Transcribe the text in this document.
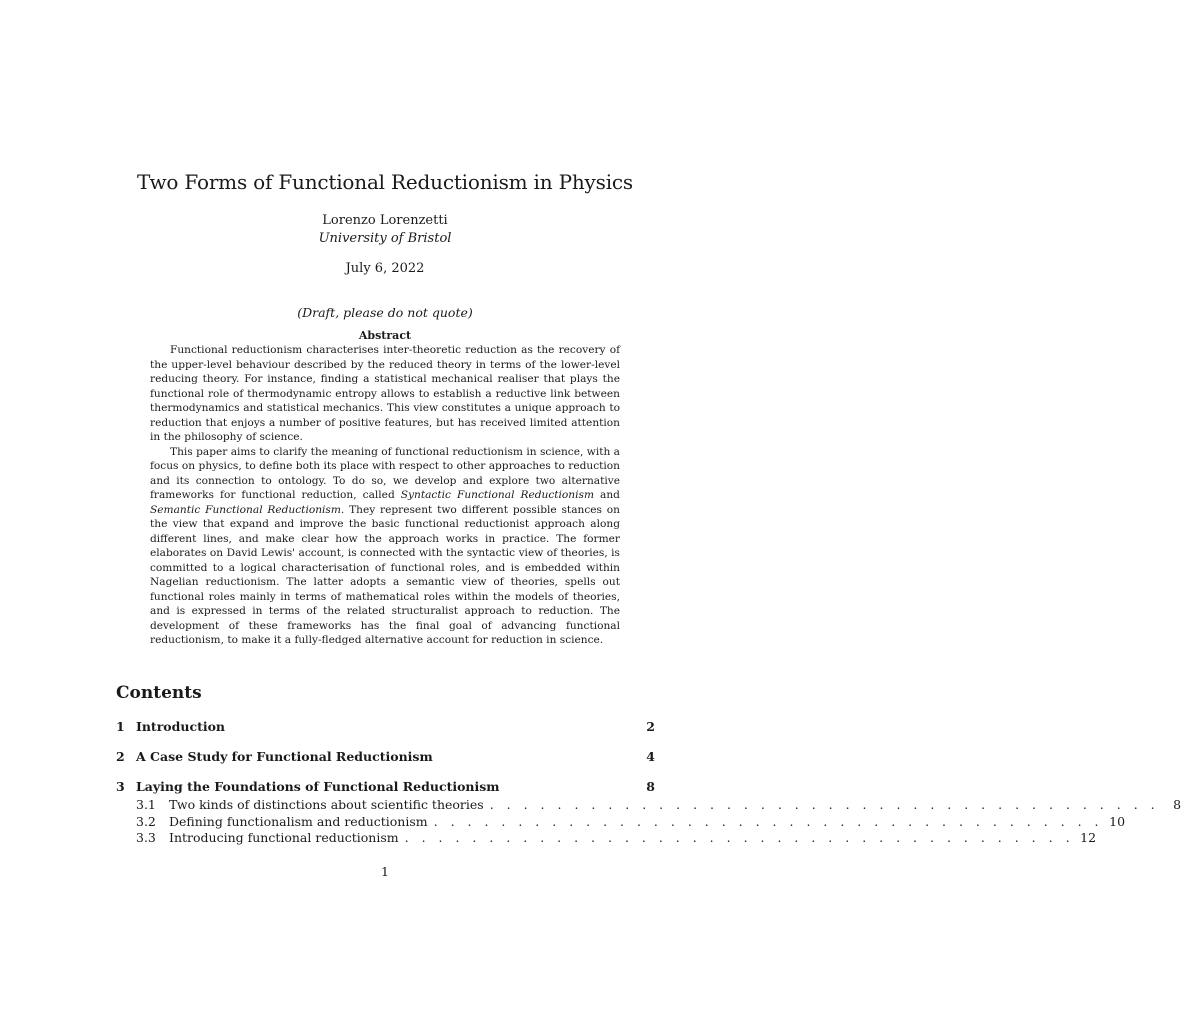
Two Forms of Functional Reductionism in Physics
Lorenzo Lorenzetti
University of Bristol
July 6, 2022
(Draft, please do not quote)
Abstract

Functional reductionism characterises inter-theoretic reduction as the recovery of the upper-level behaviour described by the reduced theory in terms of the lower-level reducing theory. For instance, finding a statistical mechanical realiser that plays the functional role of thermodynamic entropy allows to establish a reductive link between thermodynamics and statistical mechanics. This view constitutes a unique approach to reduction that enjoys a number of positive features, but has received limited attention in the philosophy of science.

This paper aims to clarify the meaning of functional reductionism in science, with a focus on physics, to define both its place with respect to other approaches to reduction and its connection to ontology. To do so, we develop and explore two alternative frameworks for functional reduction, called Syntactic Functional Reductionism and Semantic Functional Reductionism. They represent two different possible stances on the view that expand and improve the basic functional reductionist approach along different lines, and make clear how the approach works in practice. The former elaborates on David Lewis' account, is connected with the syntactic view of theories, is committed to a logical characterisation of functional roles, and is embedded within Nagelian reductionism. The latter adopts a semantic view of theories, spells out functional roles mainly in terms of mathematical roles within the models of theories, and is expressed in terms of the related structuralist approach to reduction. The development of these frameworks has the final goal of advancing functional reductionism, to make it a fully-fledged alternative account for reduction in science.

Contents
1 Introduction	2
2 A Case Study for Functional Reductionism	4
3 Laying the Foundations of Functional Reductionism	8
3.1	Two kinds of distinctions about scientific theories . . . . . . . . . . . . . . . . . . . . . . . . . . . . . . . . . . . . . . . .	8
3.2	Defining functionalism and reductionism . . . . . . . . . . . . . . . . . . . . . . . . . . . . . . . . . . . . . . . . 10
3.3	Introducing functional reductionism . . . . . . . . . . . . . . . . . . . . . . . . . . . . . . . . . . . . . . . . 12
1
